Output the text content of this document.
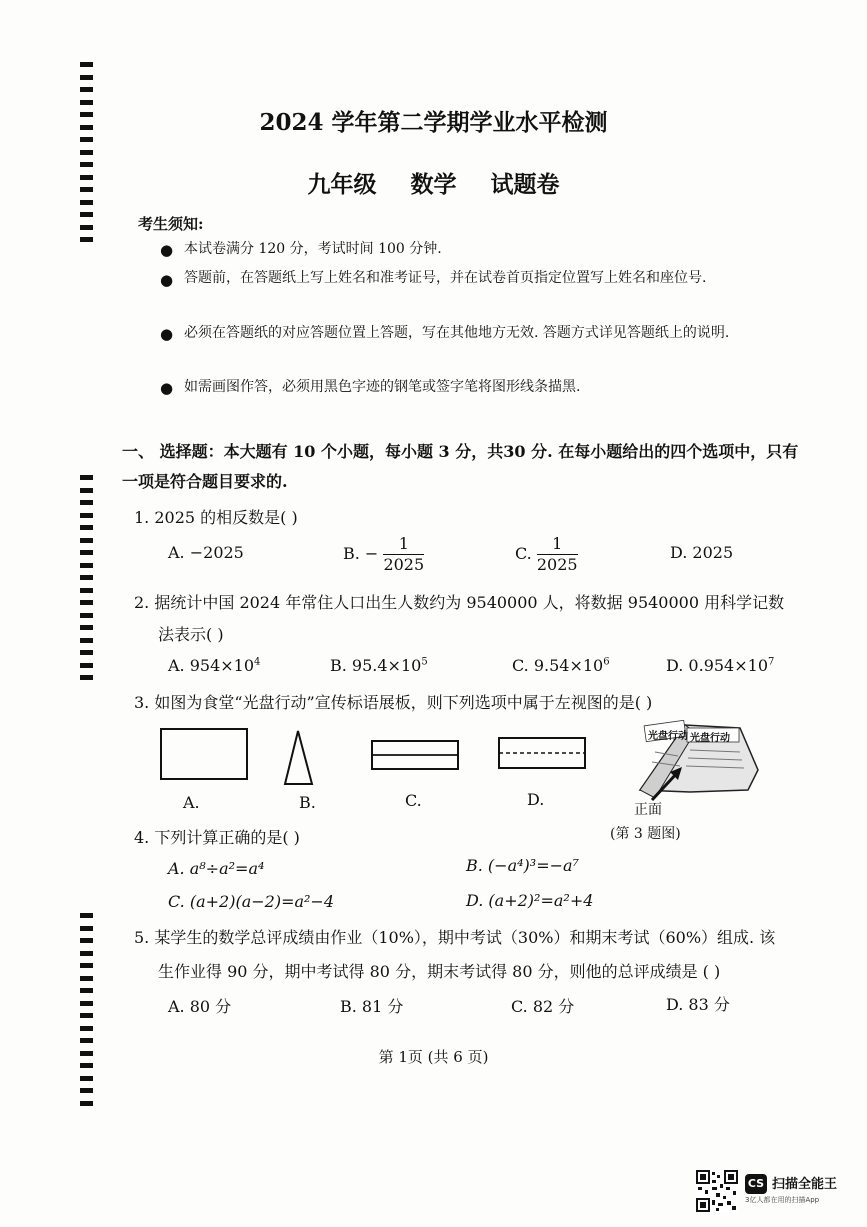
2024 学年第二学期学业水平检测
九年级 数学 试题卷
考生须知:
● 本试卷满分 120 分，考试时间 100 分钟.
● 答题前，在答题纸上写上姓名和准考证号，并在试卷首页指定位置写上姓名和座位号.
● 必须在答题纸的对应答题位置上答题，写在其他地方无效. 答题方式详见答题纸上的说明.
● 如需画图作答，必须用黑色字迹的钢笔或签字笔将图形线条描黑.
一、 选择题：本大题有 10 个小题，每小题 3 分，共30 分. 在每小题给出的四个选项中，只有一项是符合题目要求的.
1. 2025 的相反数是( )
A. −2025	B. − $\frac{1}{2025}$	C. $\frac{1}{2025}$	D. 2025
2. 据统计中国 2024 年常住人口出生人数约为 9540000 人，将数据 9540000 用科学记数
法表示( )
A. $954\times 10^4$	B. $95.4\times 10^5$	C. $9.54\times 10^6$	D. $0.954\times 10^7$
3. 如图为食堂“光盘行动”宣传标语展板，则下列选项中属于左视图的是( )
光盘行动 光盘行动
A.	B.	C.	D.
正面
(第 3 题图)
4. 下列计算正确的是( )
A. a⁸÷a²=a⁴	B. (−a⁴)³=−a⁷
C. (a+2)(a−2)=a²−4	D. (a+2)²=a²+4
5. 某学生的数学总评成绩由作业（10%），期中考试（30%）和期末考试（60%）组成. 该
生作业得 90 分，期中考试得 80 分，期末考试得 80 分，则他的总评成绩是 ( )
A. 80 分	B. 81 分	C. 82 分	D. 83 分
第 1页 (共 6 页)
CS 扫描全能王
3亿人都在用的扫描App
